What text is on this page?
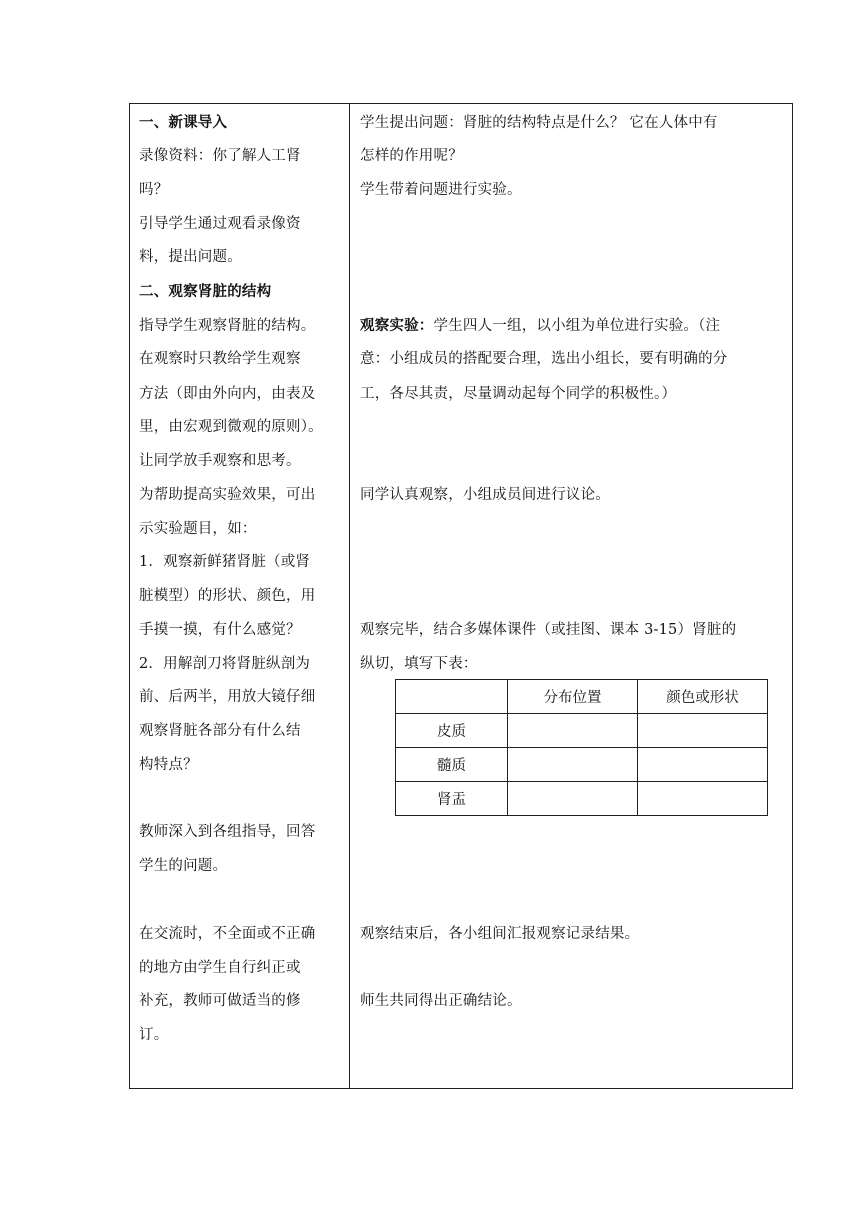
一、新课导入
录像资料：你了解人工肾
吗？
引导学生通过观看录像资
料，提出问题。
二、观察肾脏的结构
指导学生观察肾脏的结构。
在观察时只教给学生观察
方法（即由外向内，由表及
里，由宏观到微观的原则）。
让同学放手观察和思考。
为帮助提高实验效果，可出
示实验题目，如：
1．观察新鲜猪肾脏（或肾
脏模型）的形状、颜色，用
手摸一摸，有什么感觉？
2．用解剖刀将肾脏纵剖为
前、后两半，用放大镜仔细
观察肾脏各部分有什么结
构特点？
教师深入到各组指导，回答
学生的问题。
在交流时，不全面或不正确
的地方由学生自行纠正或
补充，教师可做适当的修
订。
学生提出问题：肾脏的结构特点是什么？ 它在人体中有
怎样的作用呢？
学生带着问题进行实验。
观察实验：学生四人一组，以小组为单位进行实验。（注
意：小组成员的搭配要合理，选出小组长，要有明确的分
工，各尽其责，尽量调动起每个同学的积极性。）
同学认真观察，小组成员间进行议论。
观察完毕，结合多媒体课件（或挂图、课本 3-15）肾脏的
纵切，填写下表：
	分布位置	颜色或形状
皮质		
髓质		
肾盂		
观察结束后，各小组间汇报观察记录结果。
师生共同得出正确结论。
